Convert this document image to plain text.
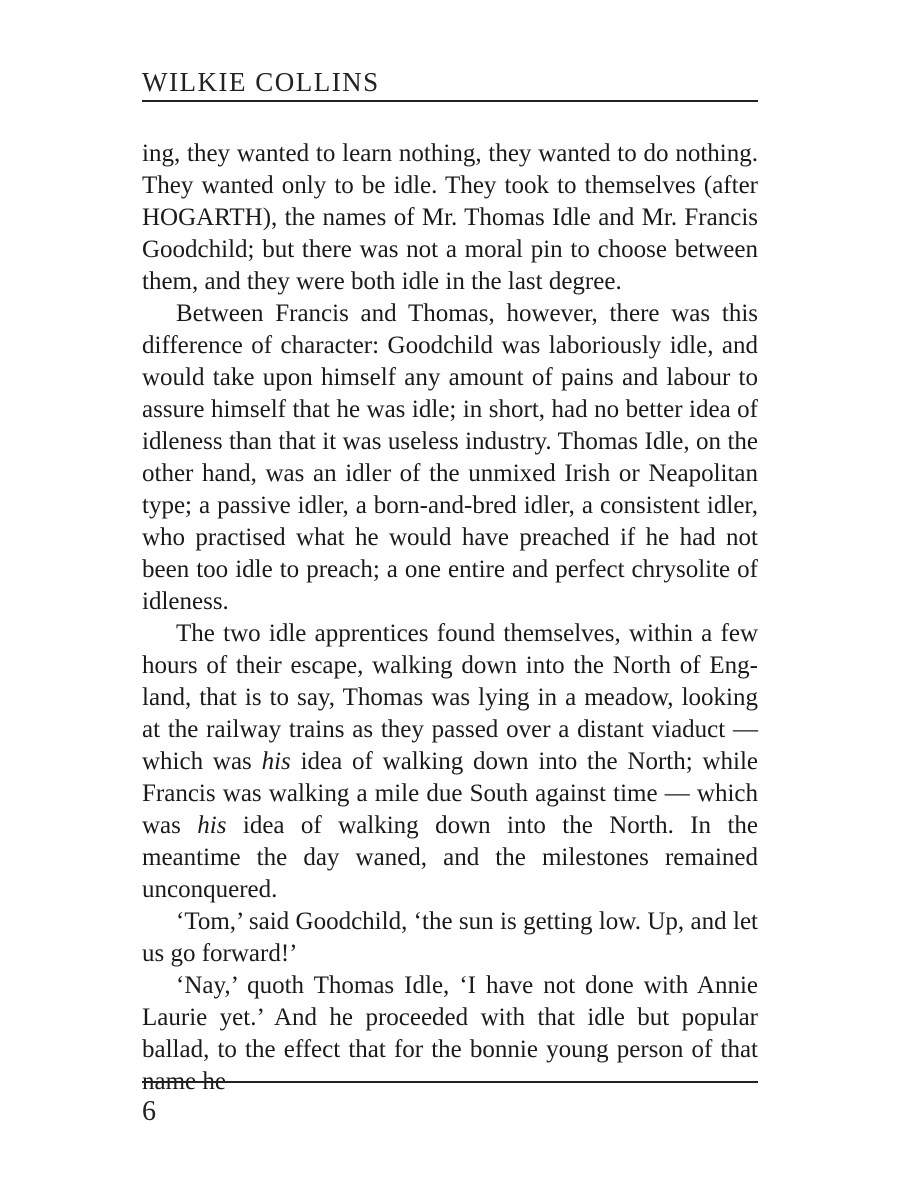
WILKIE COLLINS

ing, they wanted to learn nothing, they wanted to do nothing. They wanted only to be idle. They took to themselves (after HOGARTH), the names of Mr. Thomas Idle and Mr. Francis Goodchild; but there was not a moral pin to choose between them, and they were both idle in the last degree.

Between Francis and Thomas, however, there was this difference of character: Goodchild was laboriously idle, and would take upon himself any amount of pains and labour to assure himself that he was idle; in short, had no better idea of idleness than that it was useless industry. Thomas Idle, on the other hand, was an idler of the unmixed Irish or Neapolitan type; a passive idler, a born-and-bred idler, a consistent idler, who practised what he would have preached if he had not been too idle to preach; a one entire and perfect chrysolite of idleness.

The two idle apprentices found themselves, within a few hours of their escape, walking down into the North of England, that is to say, Thomas was lying in a meadow, looking at the railway trains as they passed over a distant viaduct — which was his idea of walking down into the North; while Francis was walking a mile due South against time — which was his idea of walking down into the North. In the meantime the day waned, and the milestones remained unconquered.

‘Tom,’ said Goodchild, ‘the sun is getting low. Up, and let us go forward!’

‘Nay,’ quoth Thomas Idle, ‘I have not done with Annie Laurie yet.’ And he proceeded with that idle but popular ballad, to the effect that for the bonnie young person of that name he

6
